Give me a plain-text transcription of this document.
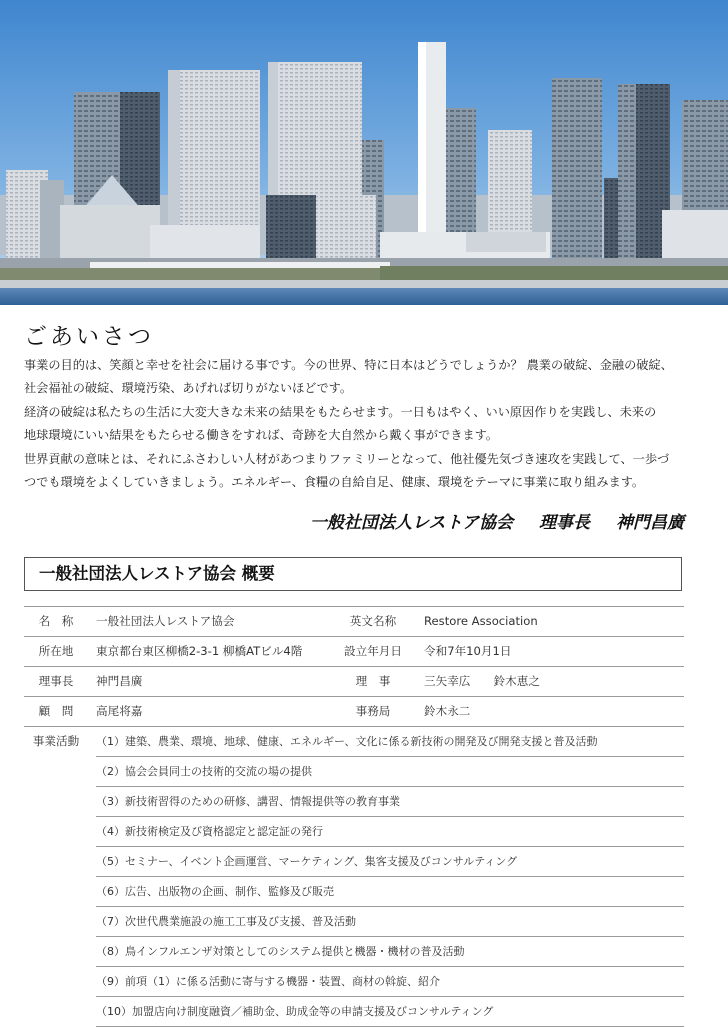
ごあいさつ

事業の目的は、笑顔と幸せを社会に届ける事です。今の世界、特に日本はどうでしょうか？ 農業の破綻、金融の破綻、

社会福祉の破綻、環境汚染、あげれば切りがないほどです。

経済の破綻は私たちの生活に大変大きな未来の結果をもたらせます。一日もはやく、いい原因作りを実践し、未来の

地球環境にいい結果をもたらせる働きをすれば、奇跡を大自然から戴く事ができます。

世界貢献の意味とは、それにふさわしい人材があつまりファミリーとなって、他社優先気づき速攻を実践して、一歩づ

つでも環境をよくしていきましょう。エネルギー、食糧の自給自足、健康、環境をテーマに事業に取り組みます。

一般社団法人レストア協会 理事長 神門昌廣
一般社団法人レストア協会 概要
名　称	一般社団法人レストア協会	英文名称	Restore Association
所在地	東京都台東区柳橋2-3-1 柳橋ATビル4階	設立年月日	令和7年10月1日
理事長	神門昌廣	理　事	三矢幸広　　鈴木恵之
顧　問	高尾将嘉	事務局	鈴木永二
事業活動	（1）建築、農業、環境、地球、健康、エネルギー、文化に係る新技術の開発及び開発支援と普及活動
（2）協会会員同士の技術的交流の場の提供
（3）新技術習得のための研修、講習、情報提供等の教育事業
（4）新技術検定及び資格認定と認定証の発行
（5）セミナー、イベント企画運営、マーケティング、集客支援及びコンサルティング
（6）広告、出版物の企画、制作、監修及び販売
（7）次世代農業施設の施工工事及び支援、普及活動
（8）鳥インフルエンザ対策としてのシステム提供と機器・機材の普及活動
（9）前項（1）に係る活動に寄与する機器・装置、商材の斡旋、紹介
（10）加盟店向け制度融資／補助金、助成金等の申請支援及びコンサルティング
